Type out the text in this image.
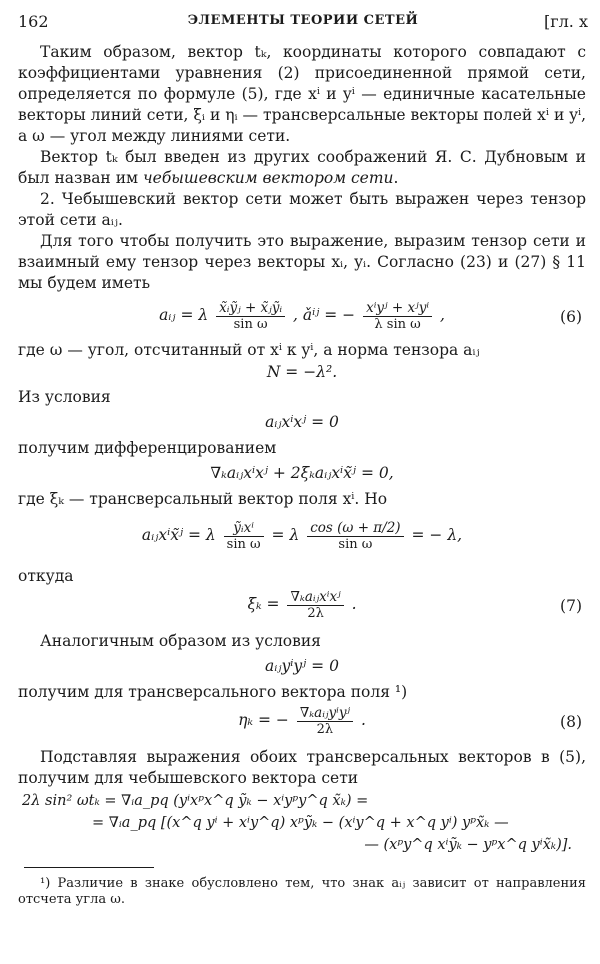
162	ЭЛЕМЕНТЫ ТЕОРИИ СЕТЕЙ	[гл. x

Таким образом, вектор tₖ, координаты которого совпадают с коэффициентами уравнения (2) присоединенной прямой сети, определяется по формуле (5), где xⁱ и yⁱ — единичные касательные векторы линий сети, ξᵢ и ηᵢ — трансверсальные векторы полей xⁱ и yⁱ, а ω — угол между линиями сети.

Вектор tₖ был введен из других соображений Я. С. Дубновым и был назван им чебышевским вектором сети.

2. Чебышевский вектор сети может быть выражен через тензор этой сети aᵢⱼ.

Для того чтобы получить это выражение, выразим тензор сети и взаимный ему тензор через векторы xᵢ, yᵢ. Согласно (23) и (27) § 11 мы будем иметь

aᵢⱼ = λ $\frac{\text{x̃ᵢỹⱼ + x̃ⱼỹᵢ}}{\text{sin ω}}$ , ǎⁱʲ = − $\frac{\text{xⁱyʲ + xʲyⁱ}}{\text{λ sin ω}}$ ,	(6)

где ω — угол, отсчитанный от xⁱ к yⁱ, а норма тензора aᵢⱼ

N = −λ².

Из условия

aᵢⱼxⁱxʲ = 0

получим дифференцированием

∇ₖaᵢⱼxⁱxʲ + 2ξₖaᵢⱼxⁱx̃ʲ = 0,

где ξₖ — трансверсальный вектор поля xⁱ. Но

aᵢⱼxⁱx̃ʲ = λ $\frac{\text{ỹᵢxⁱ}}{\text{sin ω}} = \lambda \frac{\cos (\omega + \pi/2)}{\text{sin ω}}$ = − λ,

откуда

$\xi_k = \frac{\text{∇ₖaᵢⱼxⁱxʲ}}{2\lambda}$ .	(7)

Аналогичным образом из условия

aᵢⱼyⁱyʲ = 0

получим для трансверсального вектора поля ¹)

ηₖ = − $\frac{\text{∇ₖaᵢⱼyⁱyʲ}}{2\lambda}$ .	(8)

Подставляя выражения обоих трансверсальных векторов в (5), получим для чебышевского вектора сети

2λ sin² ωtₖ = ∇ᵢa_pq (yⁱxᵖx^q ỹₖ − xⁱyᵖy^q x̃ₖ) =
= ∇ᵢa_pq [(x^q yⁱ + xⁱy^q) xᵖỹₖ − (xⁱy^q + x^q yⁱ) yᵖx̃ₖ —
— (xᵖy^q xⁱỹₖ − yᵖx^q yⁱx̃ₖ)].

¹) Различие в знаке обусловлено тем, что знак aᵢⱼ зависит от направления отсчета угла ω.
